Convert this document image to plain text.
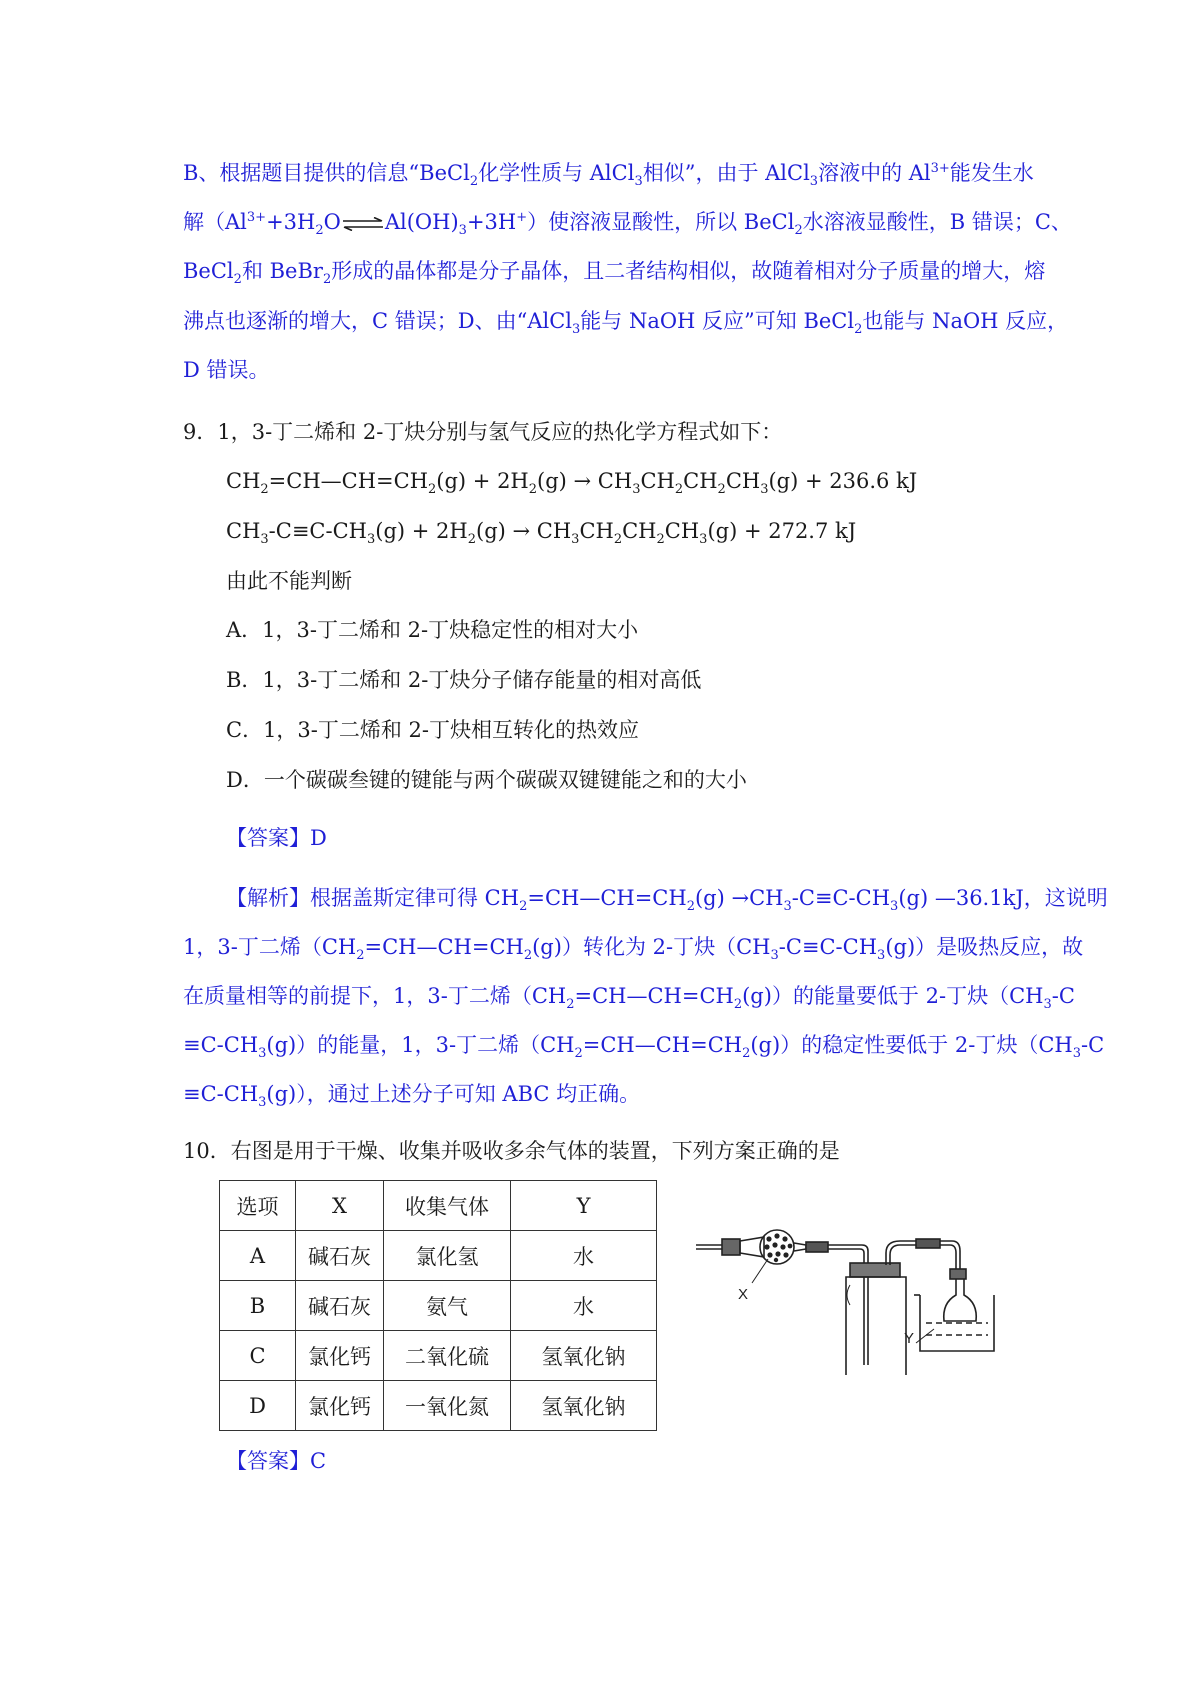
B、根据题目提供的信息“BeCl$_2$化学性质与 AlCl$_3$相似”，由于 AlCl$_3$溶液中的 $Al^{3+}$能发生水
解$(Al^{3+}+3H_2O\rightleftharpoons Al(OH)_3+3H^+)$使溶液显酸性，所以 BeCl$_2$水溶液显酸性，B 错误；C、
BeCl$_2$和 BeBr$_2$形成的晶体都是分子晶体，且二者结构相似，故随着相对分子质量的增大，熔
沸点也逐渐的增大，C 错误；D、由“AlCl$_3$能与 NaOH 反应”可知 BeCl$_2$也能与 NaOH 反应，
D 错误。
9．1，3-丁二烯和 2-丁炔分别与氢气反应的热化学方程式如下：
$CH_2=CH—CH=CH_2(g) + 2H_2(g) \to CH_3CH_2CH_2CH_3(g) + 236.6$ kJ
$CH_3-C\equiv C-CH_3(g) + 2H_2(g) \to CH_3CH_2CH_2CH_3(g) + 272.7$ kJ
由此不能判断
A．1，3-丁二烯和 2-丁炔稳定性的相对大小
B．1，3-丁二烯和 2-丁炔分子储存能量的相对高低
C．1，3-丁二烯和 2-丁炔相互转化的热效应
D．一个碳碳叁键的键能与两个碳碳双键键能之和的大小
【答案】D
【解析】根据盖斯定律可得 $CH_2=CH—CH=CH_2(g) \to CH_3-C\equiv C-CH_3(g)$ —36.1kJ，这说明
1，3-丁二烯$(CH_2=CH—CH=CH_2(g))$转化为 2-丁炔$(CH_3-C\equiv C-CH_3(g))$是吸热反应，故
在质量相等的前提下，1，3-丁二烯$(CH_2=CH—CH=CH_2(g))$的能量要低于 2-丁炔（$CH_3-C$
$\equiv C-CH_3(g)$）的能量，1，3-丁二烯$(CH_2=CH—CH=CH_2(g))$的稳定性要低于 2-丁炔（$CH_3-C$
$\equiv C-CH_3(g)$），通过上述分子可知 ABC 均正确。
10．右图是用于干燥、收集并吸收多余气体的装置，下列方案正确的是
选项	X	收集气体	Y
A	碱石灰	氯化氢	水
B	碱石灰	氨气	水
C	氯化钙	二氧化硫	氢氧化钠
D	氯化钙	一氧化氮	氢氧化钠
X
Y
【答案】C
